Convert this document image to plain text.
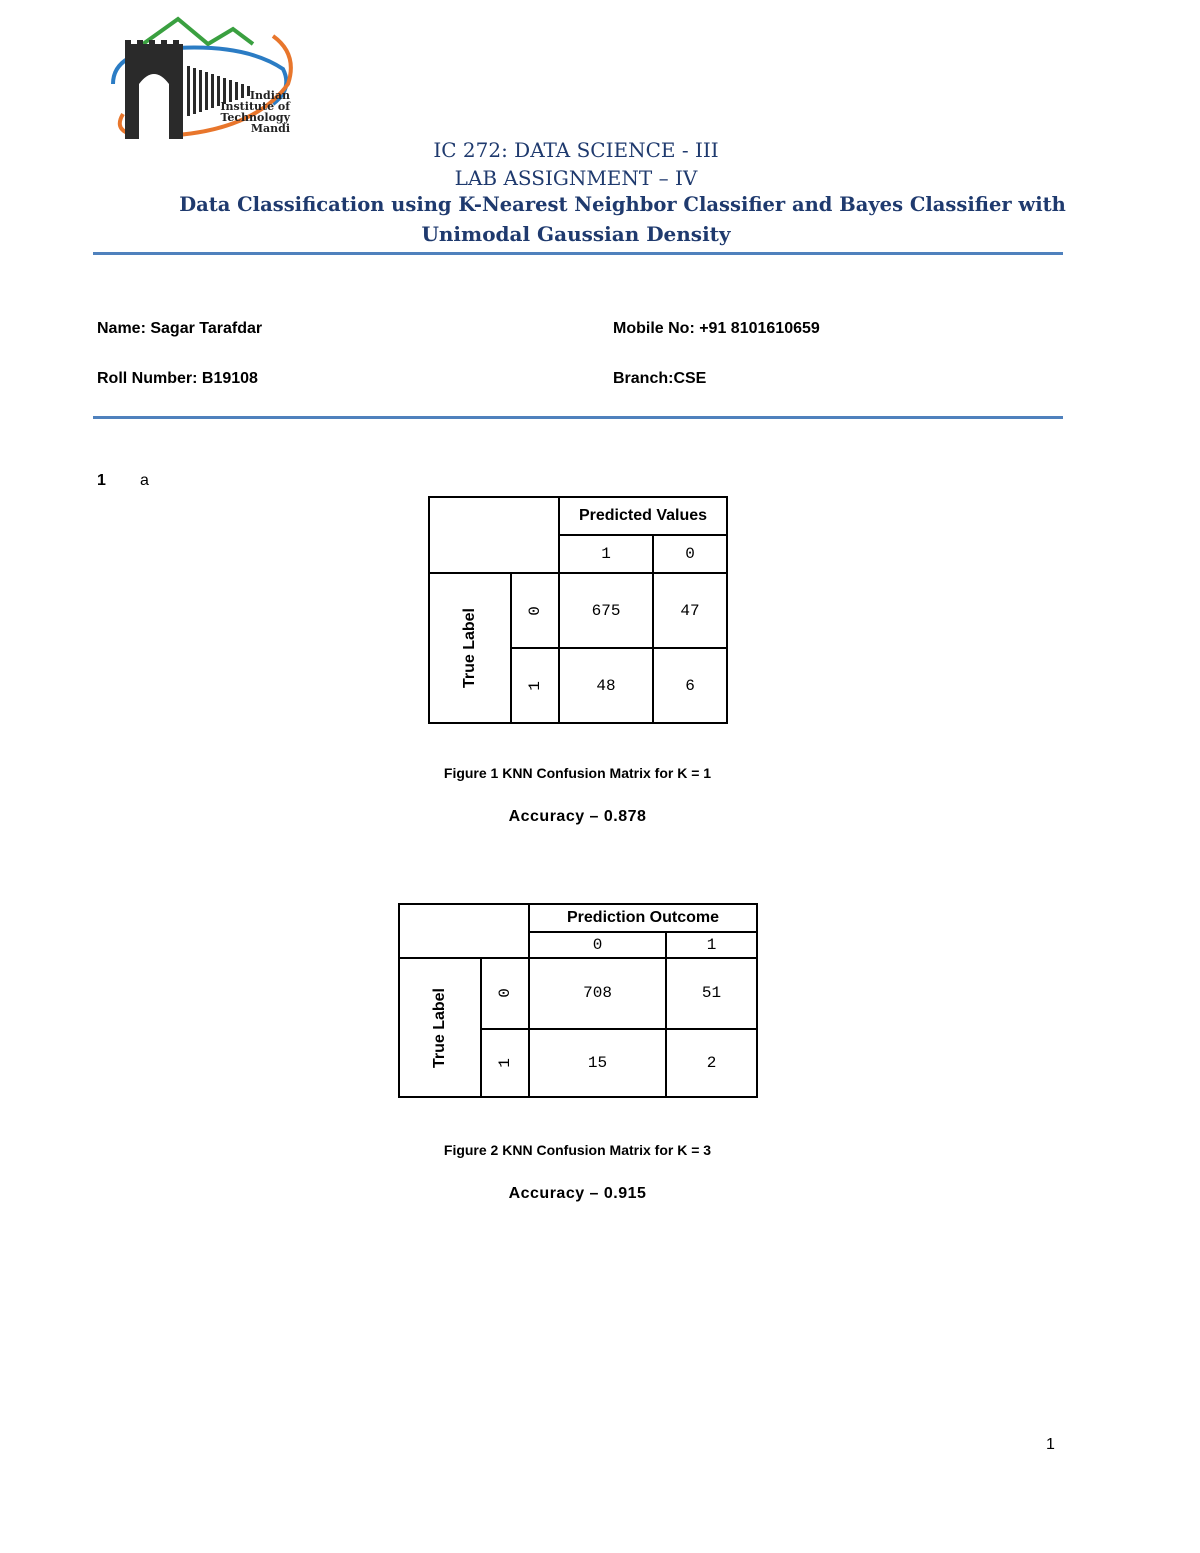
Indian
Institute of
Technology
Mandi
IC 272: DATA SCIENCE - III
LAB ASSIGNMENT – IV
Data Classification using K-Nearest Neighbor Classifier and Bayes Classifier with
Unimodal Gaussian Density
Name: Sagar Tarafdar	Mobile No: +91 8101610659
Roll Number: B19108	Branch:CSE
1 a
		Predicted Values	
		1	0
True Label	0	675	47
	1	48	6
Figure 1 KNN Confusion Matrix for K = 1
Accuracy – 0.878
		Prediction Outcome	
		0	1
True Label	0	708	51
	1	15	2
Figure 2 KNN Confusion Matrix for K = 3
Accuracy – 0.915
1
